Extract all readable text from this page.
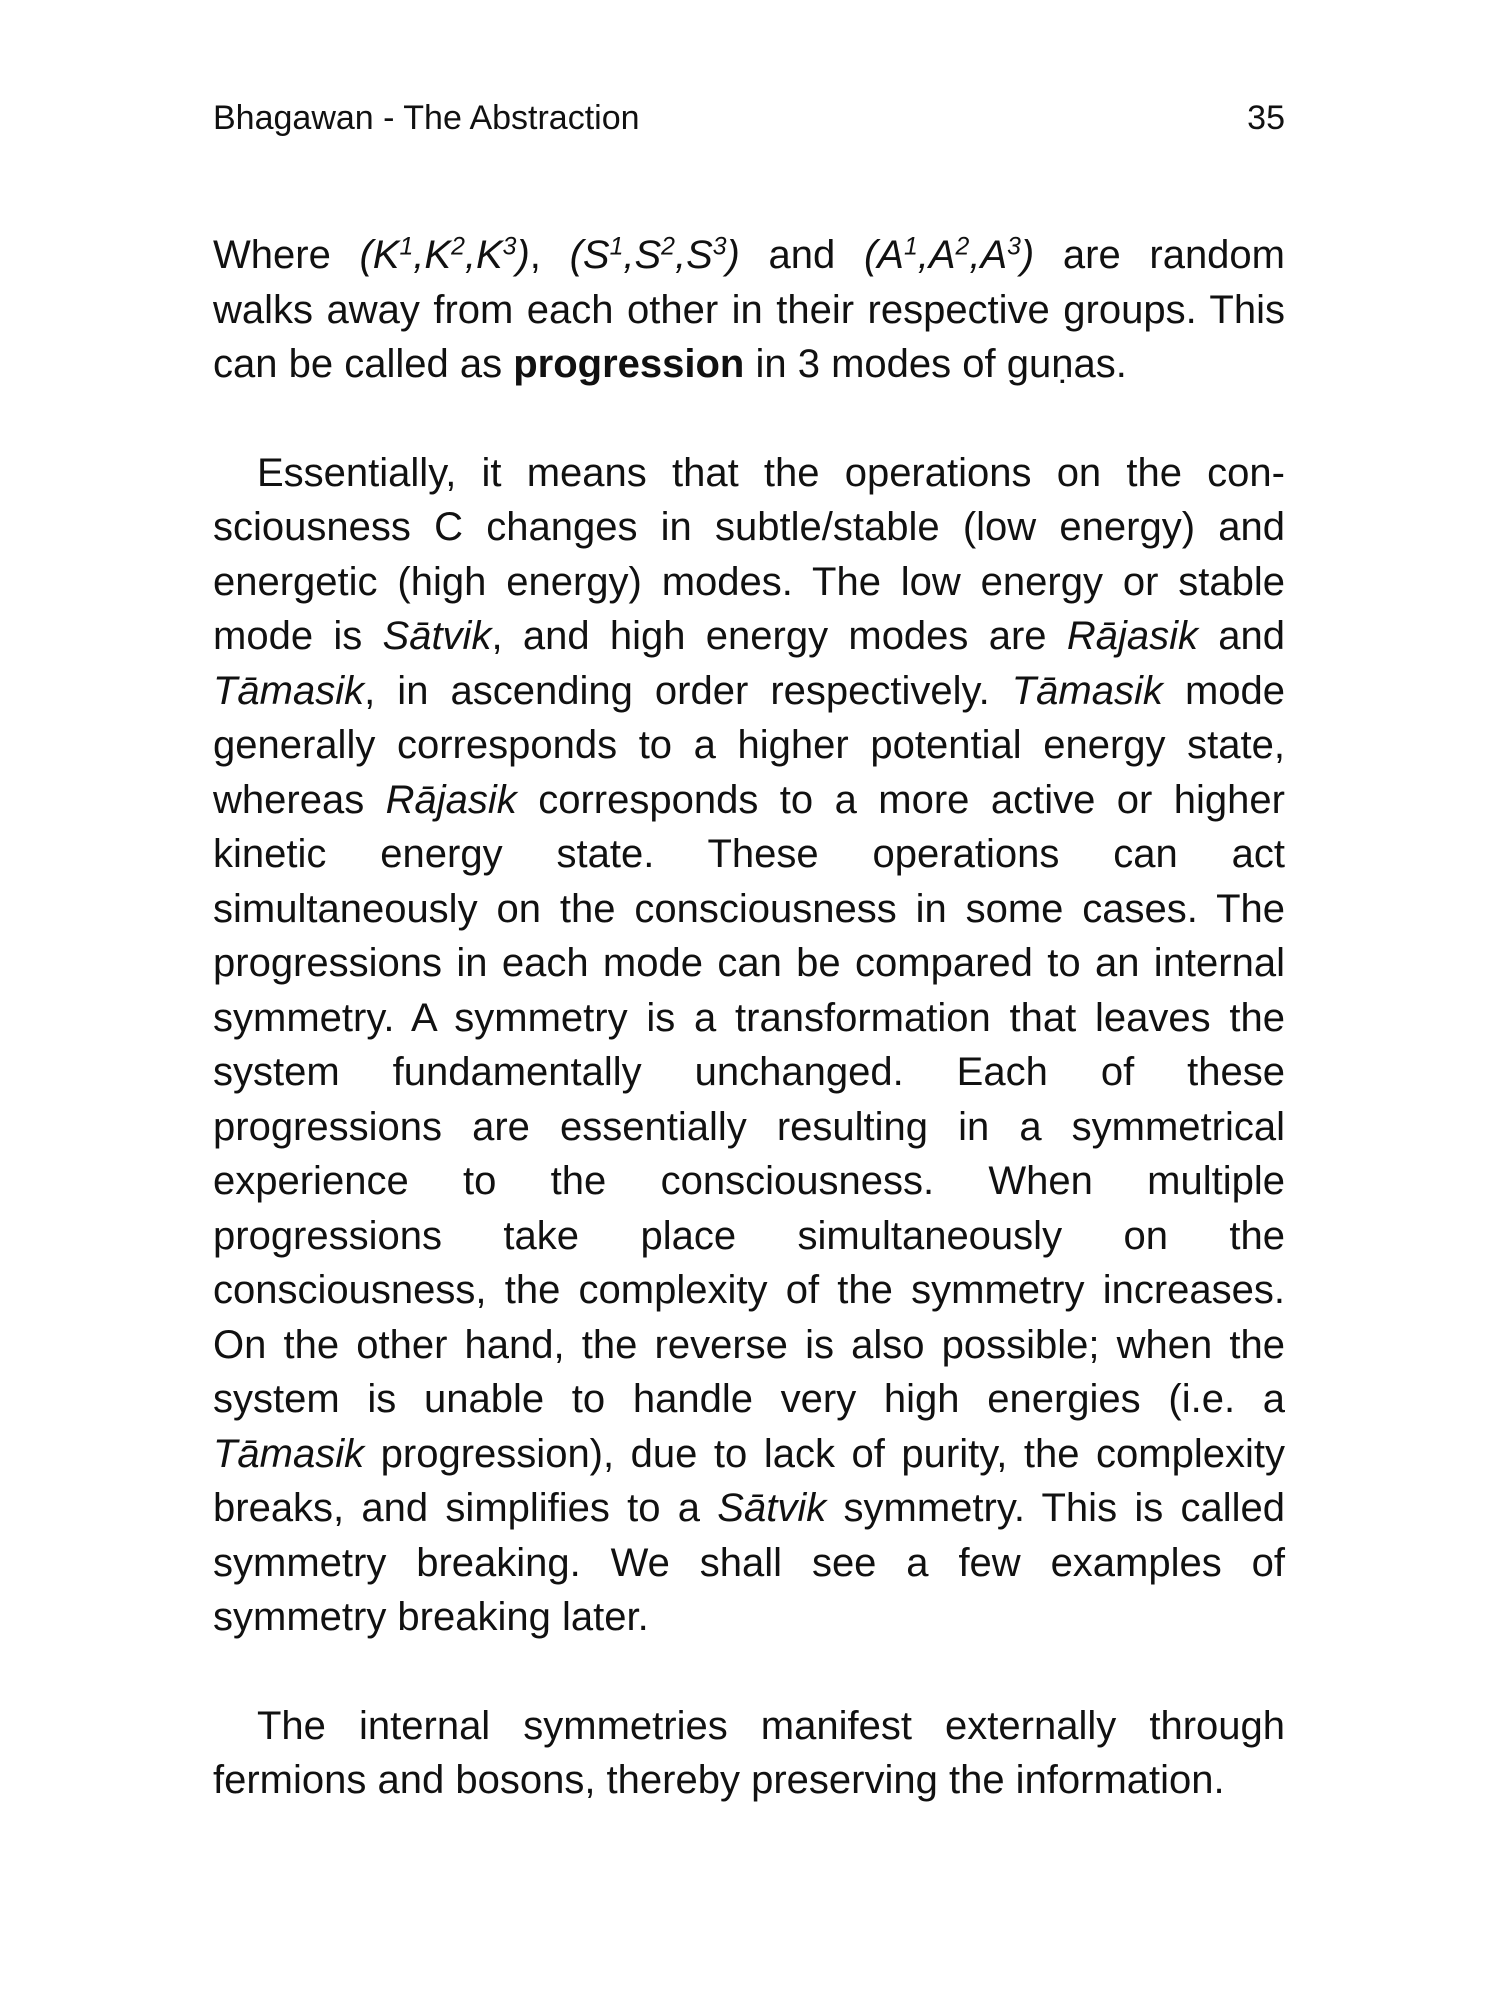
Bhagawan - The Abstraction	35

Where $(K^1,K^2,K^3)$, $(S^1,S^2,S^3)$ and $(A^1,A^2,A^3)$ are random walks away from each other in their respective groups. This can be called as progression in 3 modes of guṇas.

Essentially, it means that the operations on the consciousness C changes in subtle/stable (low energy) and energetic (high energy) modes. The low energy or stable mode is Sātvik, and high energy modes are Rājasik and Tāmasik, in ascending order respectively. Tāmasik mode generally corresponds to a higher potential energy state, whereas Rājasik corresponds to a more active or higher kinetic energy state. These operations can act simultaneously on the consciousness in some cases. The progressions in each mode can be compared to an internal symmetry. A symmetry is a transformation that leaves the system fundamentally unchanged. Each of these progressions are essentially resulting in a symmetrical experience to the consciousness. When multiple progressions take place simultaneously on the consciousness, the complexity of the symmetry increases. On the other hand, the reverse is also possible; when the system is unable to handle very high energies (i.e. a Tāmasik progression), due to lack of purity, the complexity breaks, and simplifies to a Sātvik symmetry. This is called symmetry breaking. We shall see a few examples of symmetry breaking later.

The internal symmetries manifest externally through fermions and bosons, thereby preserving the information.
